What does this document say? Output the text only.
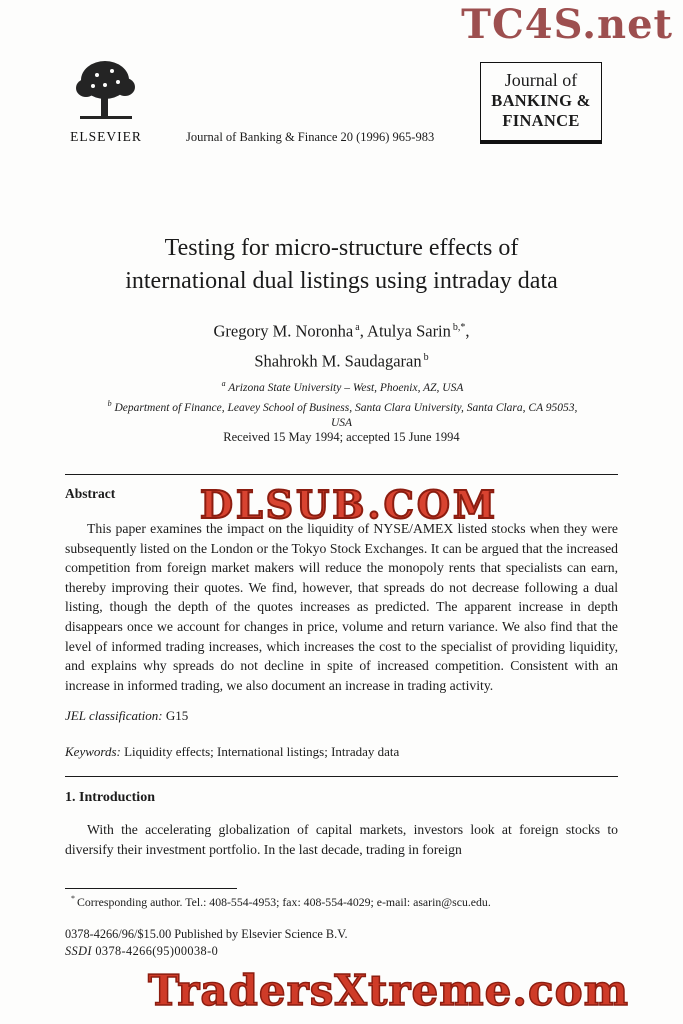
TC4S.net
ELSEVIER	Journal of Banking & Finance 20 (1996) 965-983
Journal of
BANKING &
FINANCE
Testing for micro-structure effects of
international dual listings using intraday data
Gregory M. Noronha $^a$, Atulya Sarin $^{b,*}$,
Shahrokh M. Saudagaran $^b$
$^a$ Arizona State University – West, Phoenix, AZ, USA
$^b$ Department of Finance, Leavey School of Business, Santa Clara University, Santa Clara, CA 95053,
USA
Received 15 May 1994; accepted 15 June 1994
Abstract DLSUB.COM
This paper examines the impact on the liquidity of NYSE/AMEX listed stocks when they were subsequently listed on the London or the Tokyo Stock Exchanges. It can be argued that the increased competition from foreign market makers will reduce the monopoly rents that specialists can earn, thereby improving their quotes. We find, however, that spreads do not decrease following a dual listing, though the depth of the quotes increases as predicted. The apparent increase in depth disappears once we account for changes in price, volume and return variance. We also find that the level of informed trading increases, which increases the cost to the specialist of providing liquidity, and explains why spreads do not decline in spite of increased competition. Consistent with an increase in informed trading, we also document an increase in trading activity.
JEL classification: G15
Keywords: Liquidity effects; International listings; Intraday data
1. Introduction
With the accelerating globalization of capital markets, investors look at foreign stocks to diversify their investment portfolio. In the last decade, trading in foreign
* Corresponding author. Tel.: 408-554-4953; fax: 408-554-4029; e-mail: asarin@scu.edu.
0378-4266/96/$15.00 Published by Elsevier Science B.V.
SSDI 0378-4266(95)00038-0
TradersXtreme.com
